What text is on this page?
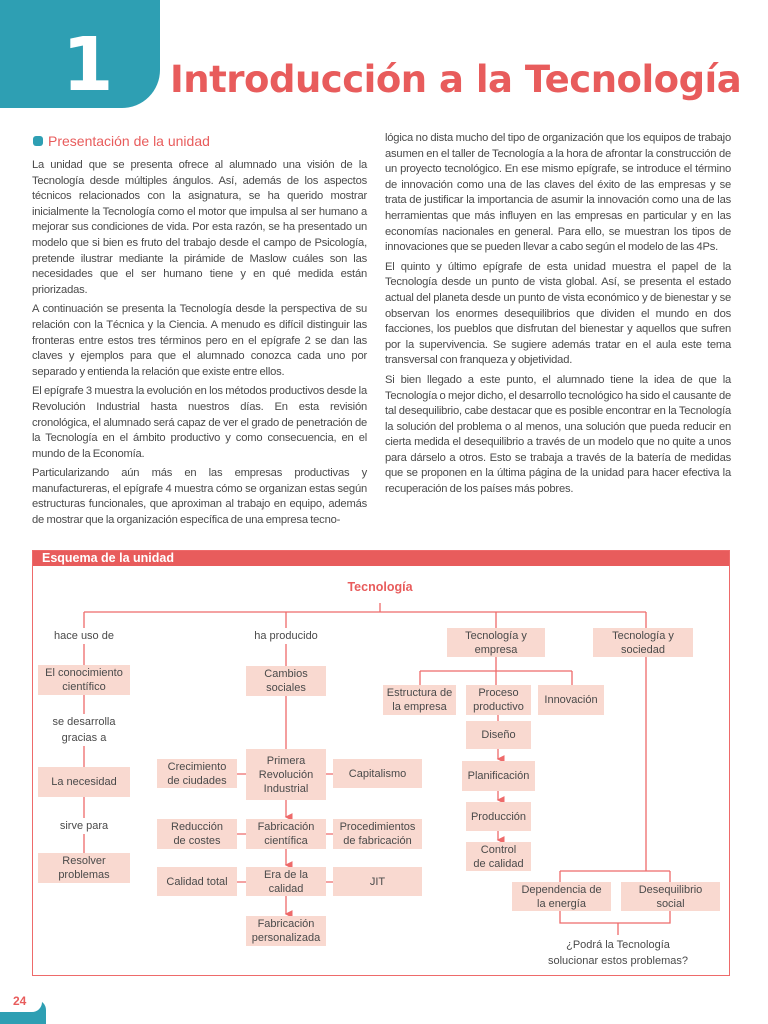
1 Introducción a la Tecnología
Presentación de la unidad

La unidad que se presenta ofrece al alumnado una visión de la Tecnología desde múltiples ángulos. Así, además de los aspectos técnicos relacionados con la asignatura, se ha querido mostrar inicialmente la Tecnología como el motor que impulsa al ser humano a mejorar sus condiciones de vida. Por esta razón, se ha presentado un modelo que si bien es fruto del trabajo desde el campo de Psicología, pretende ilustrar mediante la pirámide de Maslow cuáles son las necesidades que el ser humano tiene y en qué medida están priorizadas.

A continuación se presenta la Tecnología desde la perspectiva de su relación con la Técnica y la Ciencia. A menudo es difícil distinguir las fronteras entre estos tres términos pero en el epígrafe 2 se dan las claves y ejemplos para que el alumnado conozca cada uno por separado y entienda la relación que existe entre ellos.

El epígrafe 3 muestra la evolución en los métodos productivos desde la Revolución Industrial hasta nuestros días. En esta revisión cronológica, el alumnado será capaz de ver el grado de penetración de la Tecnología en el ámbito productivo y como consecuencia, en el mundo de la Economía.

Particularizando aún más en las empresas productivas y manufactureras, el epígrafe 4 muestra cómo se organizan estas según estructuras funcionales, que aproximan al trabajo en equipo, además de mostrar que la organización específica de una empresa tecno-

lógica no dista mucho del tipo de organización que los equipos de trabajo asumen en el taller de Tecnología a la hora de afrontar la construcción de un proyecto tecnológico. En ese mismo epígrafe, se introduce el término de innovación como una de las claves del éxito de las empresas y se trata de justificar la importancia de asumir la innovación como una de las herramientas que más influyen en las empresas en particular y en las economías nacionales en general. Para ello, se muestran los tipos de innovaciones que se pueden llevar a cabo según el modelo de las 4Ps.

El quinto y último epígrafe de esta unidad muestra el papel de la Tecnología desde un punto de vista global. Así, se presenta el estado actual del planeta desde un punto de vista económico y de bienestar y se observan los enormes desequilibrios que dividen el mundo en dos facciones, los pueblos que disfrutan del bienestar y aquellos que sufren por la supervivencia. Se sugiere además tratar en el aula este tema transversal con franqueza y objetividad.

Si bien llegado a este punto, el alumnado tiene la idea de que la Tecnología o mejor dicho, el desarrollo tecnológico ha sido el causante de tal desequilibrio, cabe destacar que es posible encontrar en la Tecnología la solución del problema o al menos, una solución que pueda reducir en cierta medida el desequilibrio a través de un modelo que no quite a unos para dárselo a otros. Esto se trabaja a través de la batería de medidas que se proponen en la última página de la unidad para hacer efectiva la recuperación de los países más pobres.

Esquema de la unidad
Tecnología
hace uso de	ha producido
se desarrolla
gracias a
sirve para
El conocimiento
científico
La necesidad
Resolver
problemas
Cambios
sociales
Primera
Revolución
Industrial
Crecimiento
de ciudades
Capitalismo
Reducción
de costes
Fabricación
científica
Procedimientos
de fabricación
Calidad total
Era de la
calidad
JIT
Fabricación
personalizada
Tecnología y
empresa
Tecnología y
sociedad
Estructura de
la empresa
Proceso
productivo
Innovación
Diseño
Planificación
Producción
Control
de calidad
Dependencia de
la energía
Desequilibrio
social
¿Podrá la Tecnología
solucionar estos problemas?
24
